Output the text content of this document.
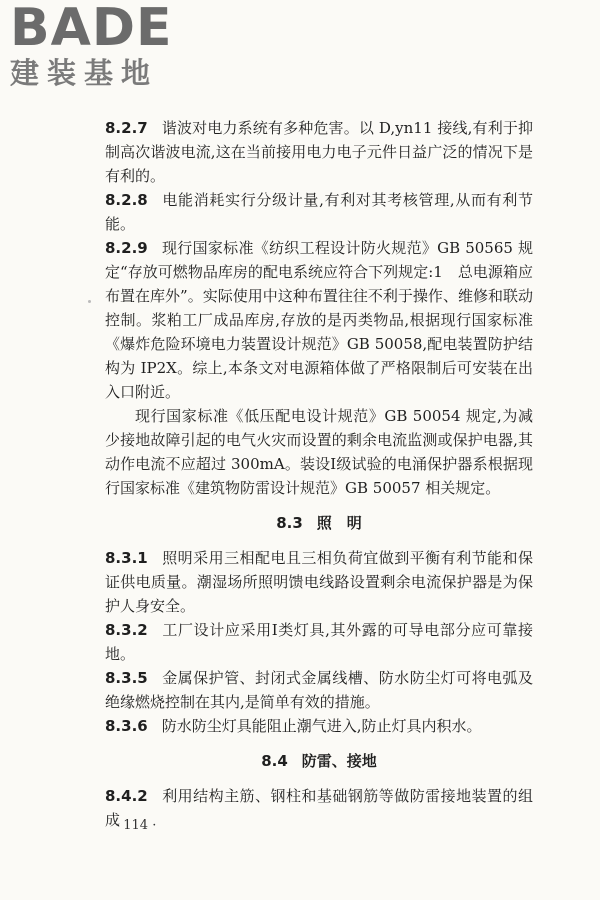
BADE
建装基地

8.2.7 谐波对电力系统有多种危害。以 D,yn11 接线,有利于抑制高次谐波电流,这在当前接用电力电子元件日益广泛的情况下是有利的。

8.2.8 电能消耗实行分级计量,有利对其考核管理,从而有利节能。

8.2.9 现行国家标准《纺织工程设计防火规范》GB 50565 规定“存放可燃物品库房的配电系统应符合下列规定:1　总电源箱应布置在库外”。实际使用中这种布置往往不利于操作、维修和联动控制。浆粕工厂成品库房,存放的是丙类物品,根据现行国家标准《爆炸危险环境电力装置设计规范》GB 50058,配电装置防护结构为 IP2X。综上,本条文对电源箱体做了严格限制后可安装在出入口附近。

现行国家标准《低压配电设计规范》GB 50054 规定,为减少接地故障引起的电气火灾而设置的剩余电流监测或保护电器,其动作电流不应超过 300mA。装设Ⅰ级试验的电涌保护器系根据现行国家标准《建筑物防雷设计规范》GB 50057 相关规定。

8.3 照　明

8.3.1 照明采用三相配电且三相负荷宜做到平衡有利节能和保证供电质量。潮湿场所照明馈电线路设置剩余电流保护器是为保护人身安全。

8.3.2 工厂设计应采用Ⅰ类灯具,其外露的可导电部分应可靠接地。

8.3.5 金属保护管、封闭式金属线槽、防水防尘灯可将电弧及绝缘燃烧控制在其内,是简单有效的措施。

8.3.6 防水防尘灯具能阻止潮气进入,防止灯具内积水。

8.4 防雷、接地

8.4.2 利用结构主筋、钢柱和基础钢筋等做防雷接地装置的组成

· 114 ·
